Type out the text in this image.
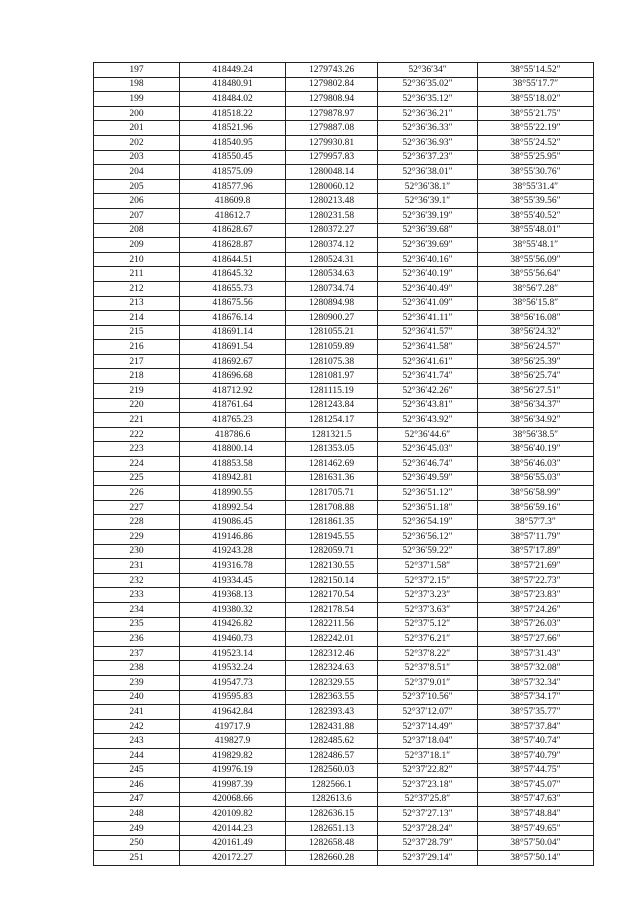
197	418449.24	1279743.26	52°36′34″	38°55′14.52″
198	418480.91	1279802.84	52°36′35.02″	38°55′17.7″
199	418484.02	1279808.94	52°36′35.12″	38°55′18.02″
200	418518.22	1279878.97	52°36′36.21″	38°55′21.75″
201	418521.96	1279887.08	52°36′36.33″	38°55′22.19″
202	418540.95	1279930.81	52°36′36.93″	38°55′24.52″
203	418550.45	1279957.83	52°36′37.23″	38°55′25.95″
204	418575.09	1280048.14	52°36′38.01″	38°55′30.76″
205	418577.96	1280060.12	52°36′38.1″	38°55′31.4″
206	418609.8	1280213.48	52°36′39.1″	38°55′39.56″
207	418612.7	1280231.58	52°36′39.19″	38°55′40.52″
208	418628.67	1280372.27	52°36′39.68″	38°55′48.01″
209	418628.87	1280374.12	52°36′39.69″	38°55′48.1″
210	418644.51	1280524.31	52°36′40.16″	38°55′56.09″
211	418645.32	1280534.63	52°36′40.19″	38°55′56.64″
212	418655.73	1280734.74	52°36′40.49″	38°56′7.28″
213	418675.56	1280894.98	52°36′41.09″	38°56′15.8″
214	418676.14	1280900.27	52°36′41.11″	38°56′16.08″
215	418691.14	1281055.21	52°36′41.57″	38°56′24.32″
216	418691.54	1281059.89	52°36′41.58″	38°56′24.57″
217	418692.67	1281075.38	52°36′41.61″	38°56′25.39″
218	418696.68	1281081.97	52°36′41.74″	38°56′25.74″
219	418712.92	1281115.19	52°36′42.26″	38°56′27.51″
220	418761.64	1281243.84	52°36′43.81″	38°56′34.37″
221	418765.23	1281254.17	52°36′43.92″	38°56′34.92″
222	418786.6	1281321.5	52°36′44.6″	38°56′38.5″
223	418800.14	1281353.05	52°36′45.03″	38°56′40.19″
224	418853.58	1281462.69	52°36′46.74″	38°56′46.03″
225	418942.81	1281631.36	52°36′49.59″	38°56′55.03″
226	418990.55	1281705.71	52°36′51.12″	38°56′58.99″
227	418992.54	1281708.88	52°36′51.18″	38°56′59.16″
228	419086.45	1281861.35	52°36′54.19″	38°57′7.3″
229	419146.86	1281945.55	52°36′56.12″	38°57′11.79″
230	419243.28	1282059.71	52°36′59.22″	38°57′17.89″
231	419316.78	1282130.55	52°37′1.58″	38°57′21.69″
232	419334.45	1282150.14	52°37′2.15″	38°57′22.73″
233	419368.13	1282170.54	52°37′3.23″	38°57′23.83″
234	419380.32	1282178.54	52°37′3.63″	38°57′24.26″
235	419426.82	1282211.56	52°37′5.12″	38°57′26.03″
236	419460.73	1282242.01	52°37′6.21″	38°57′27.66″
237	419523.14	1282312.46	52°37′8.22″	38°57′31.43″
238	419532.24	1282324.63	52°37′8.51″	38°57′32.08″
239	419547.73	1282329.55	52°37′9.01″	38°57′32.34″
240	419595.83	1282363.55	52°37′10.56″	38°57′34.17″
241	419642.84	1282393.43	52°37′12.07″	38°57′35.77″
242	419717.9	1282431.88	52°37′14.49″	38°57′37.84″
243	419827.9	1282485.62	52°37′18.04″	38°57′40.74″
244	419829.82	1282486.57	52°37′18.1″	38°57′40.79″
245	419976.19	1282560.03	52°37′22.82″	38°57′44.75″
246	419987.39	1282566.1	52°37′23.18″	38°57′45.07″
247	420068.66	1282613.6	52°37′25.8″	38°57′47.63″
248	420109.82	1282636.15	52°37′27.13″	38°57′48.84″
249	420144.23	1282651.13	52°37′28.24″	38°57′49.65″
250	420161.49	1282658.48	52°37′28.79″	38°57′50.04″
251	420172.27	1282660.28	52°37′29.14″	38°57′50.14″
